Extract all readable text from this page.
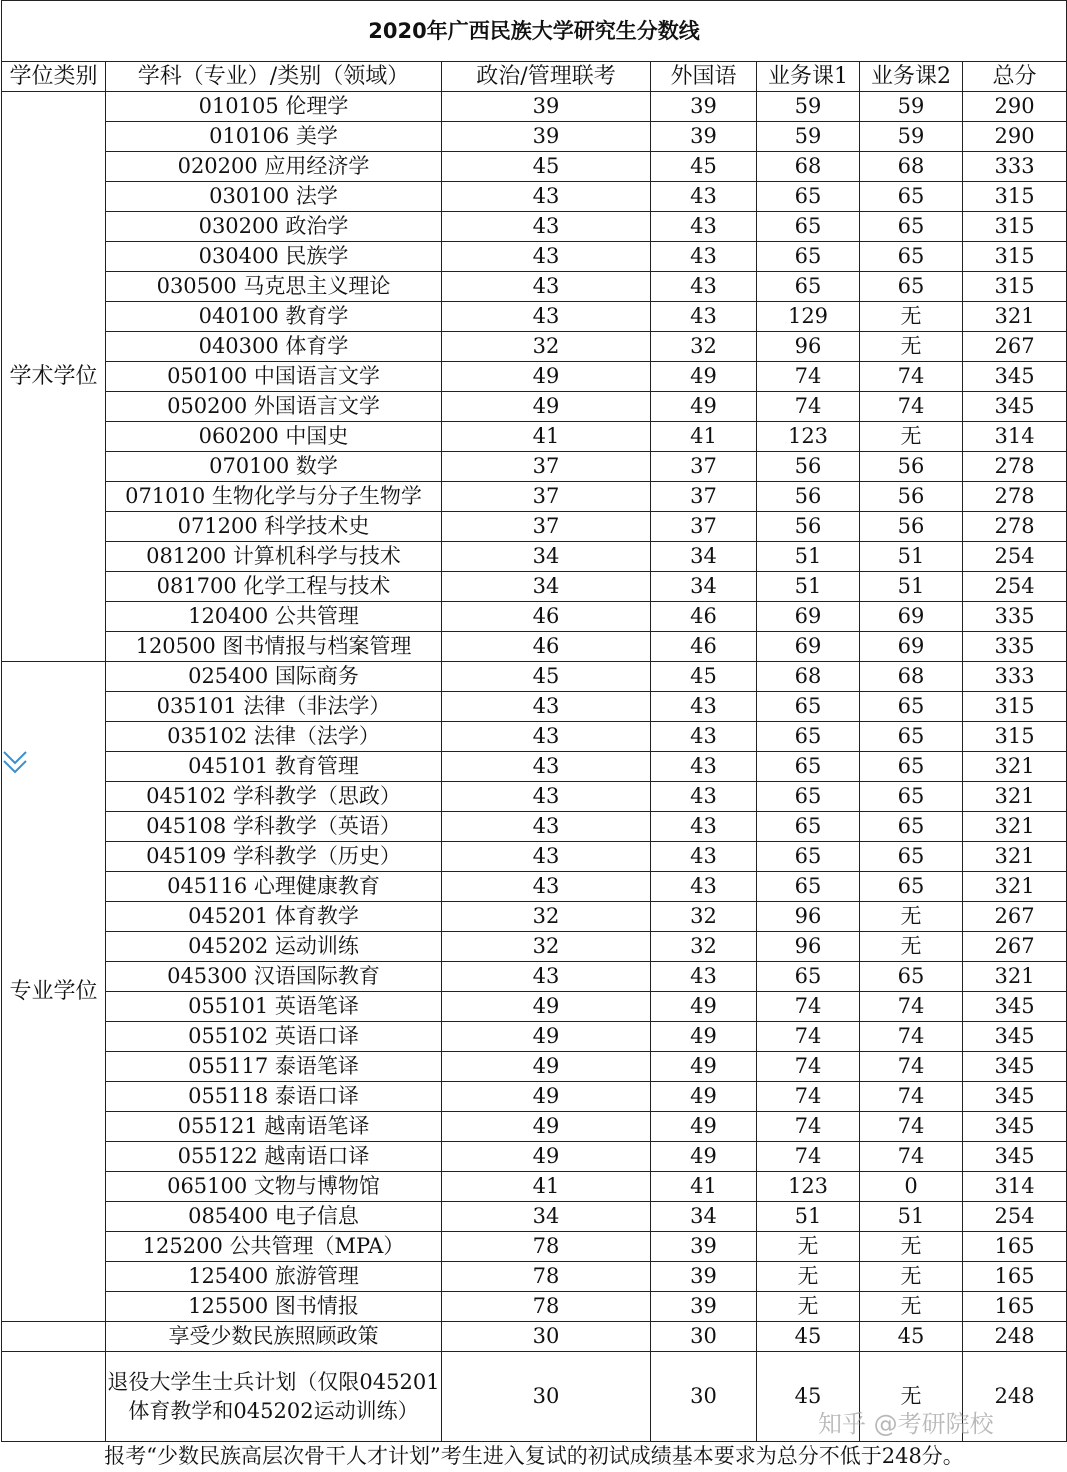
2020年广西民族大学研究生分数线						
学位类别	学科（专业）/类别（领域）	政治/管理联考	外国语	业务课1	业务课2	总分
学术学位	010105 伦理学	39	39	59	59	290
	010106 美学	39	39	59	59	290
	020200 应用经济学	45	45	68	68	333
	030100 法学	43	43	65	65	315
	030200 政治学	43	43	65	65	315
	030400 民族学	43	43	65	65	315
	030500 马克思主义理论	43	43	65	65	315
	040100 教育学	43	43	129	无	321
	040300 体育学	32	32	96	无	267
	050100 中国语言文学	49	49	74	74	345
	050200 外国语言文学	49	49	74	74	345
	060200 中国史	41	41	123	无	314
	070100 数学	37	37	56	56	278
	071010 生物化学与分子生物学	37	37	56	56	278
	071200 科学技术史	37	37	56	56	278
	081200 计算机科学与技术	34	34	51	51	254
	081700 化学工程与技术	34	34	51	51	254
	120400 公共管理	46	46	69	69	335
	120500 图书情报与档案管理	46	46	69	69	335
专业学位	025400 国际商务	45	45	68	68	333
	035101 法律（非法学）	43	43	65	65	315
	035102 法律（法学）	43	43	65	65	315
	045101 教育管理	43	43	65	65	321
	045102 学科教学（思政）	43	43	65	65	321
	045108 学科教学（英语）	43	43	65	65	321
	045109 学科教学（历史）	43	43	65	65	321
	045116 心理健康教育	43	43	65	65	321
	045201 体育教学	32	32	96	无	267
	045202 运动训练	32	32	96	无	267
	045300 汉语国际教育	43	43	65	65	321
	055101 英语笔译	49	49	74	74	345
	055102 英语口译	49	49	74	74	345
	055117 泰语笔译	49	49	74	74	345
	055118 泰语口译	49	49	74	74	345
	055121 越南语笔译	49	49	74	74	345
	055122 越南语口译	49	49	74	74	345
	065100 文物与博物馆	41	41	123	0	314
	085400 电子信息	34	34	51	51	254
	125200 公共管理（MPA）	78	39	无	无	165
	125400 旅游管理	78	39	无	无	165
	125500 图书情报	78	39	无	无	165
	享受少数民族照顾政策	30	30	45	45	248
	退役大学生士兵计划（仅限045201体育教学和045202运动训练）	30	30	45	无	248
报考“少数民族高层次骨干人才计划”考生进入复试的初试成绩基本要求为总分不低于248分。						
知乎 @考研院校
